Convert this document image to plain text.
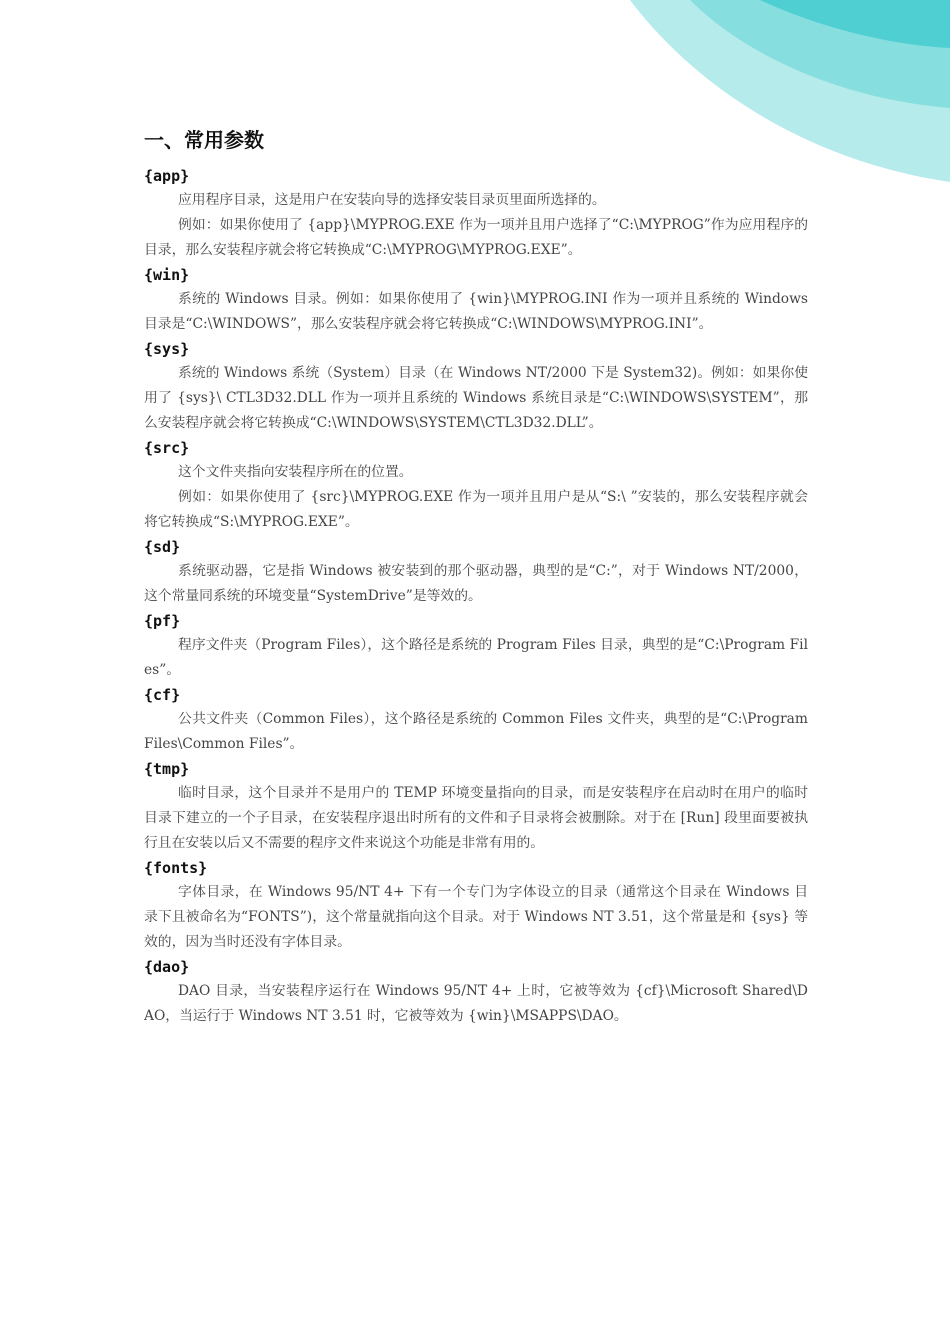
一、常用参数
{app}

应用程序目录，这是用户在安装向导的选择安装目录页里面所选择的。

例如：如果你使用了 {app}\MYPROG.EXE 作为一项并且用户选择了“C:\MYPROG”作为应用程序的目录，那么安装程序就会将它转换成“C:\MYPROG\MYPROG.EXE”。

{win}

系统的 Windows 目录。例如：如果你使用了 {win}\MYPROG.INI 作为一项并且系统的 Windows 目录是“C:\WINDOWS”，那么安装程序就会将它转换成“C:\WINDOWS\MYPROG.INI”。

{sys}

系统的 Windows 系统（System）目录（在 Windows NT/2000 下是 System32)。例如：如果你使用了 {sys}\ CTL3D32.DLL 作为一项并且系统的 Windows 系统目录是“C:\WINDOWS\SYSTEM”，那么安装程序就会将它转换成“C:\WINDOWS\SYSTEM\CTL3D32.DLL”。

{src}

这个文件夹指向安装程序所在的位置。

例如：如果你使用了 {src}\MYPROG.EXE 作为一项并且用户是从“S:\ ”安装的，那么安装程序就会将它转换成“S:\MYPROG.EXE”。

{sd}

系统驱动器，它是指 Windows 被安装到的那个驱动器，典型的是“C:”，对于 Windows NT/2000，这个常量同系统的环境变量“SystemDrive”是等效的。

{pf}

程序文件夹（Program Files），这个路径是系统的 Program Files 目录，典型的是“C:\Program Files”。

{cf}

公共文件夹（Common Files），这个路径是系统的 Common Files 文件夹，典型的是“C:\Program Files\Common Files”。

{tmp}

临时目录，这个目录并不是用户的 TEMP 环境变量指向的目录，而是安装程序在启动时在用户的临时目录下建立的一个子目录，在安装程序退出时所有的文件和子目录将会被删除。对于在 [Run] 段里面要被执行且在安装以后又不需要的程序文件来说这个功能是非常有用的。

{fonts}

字体目录，在 Windows 95/NT 4+ 下有一个专门为字体设立的目录（通常这个目录在 Windows 目录下且被命名为“FONTS”)，这个常量就指向这个目录。对于 Windows NT 3.51，这个常量是和 {sys} 等效的，因为当时还没有字体目录。

{dao}

DAO 目录，当安装程序运行在 Windows 95/NT 4+ 上时，它被等效为 {cf}\Microsoft Shared\DAO，当运行于 Windows NT 3.51 时，它被等效为 {win}\MSAPPS\DAO。
